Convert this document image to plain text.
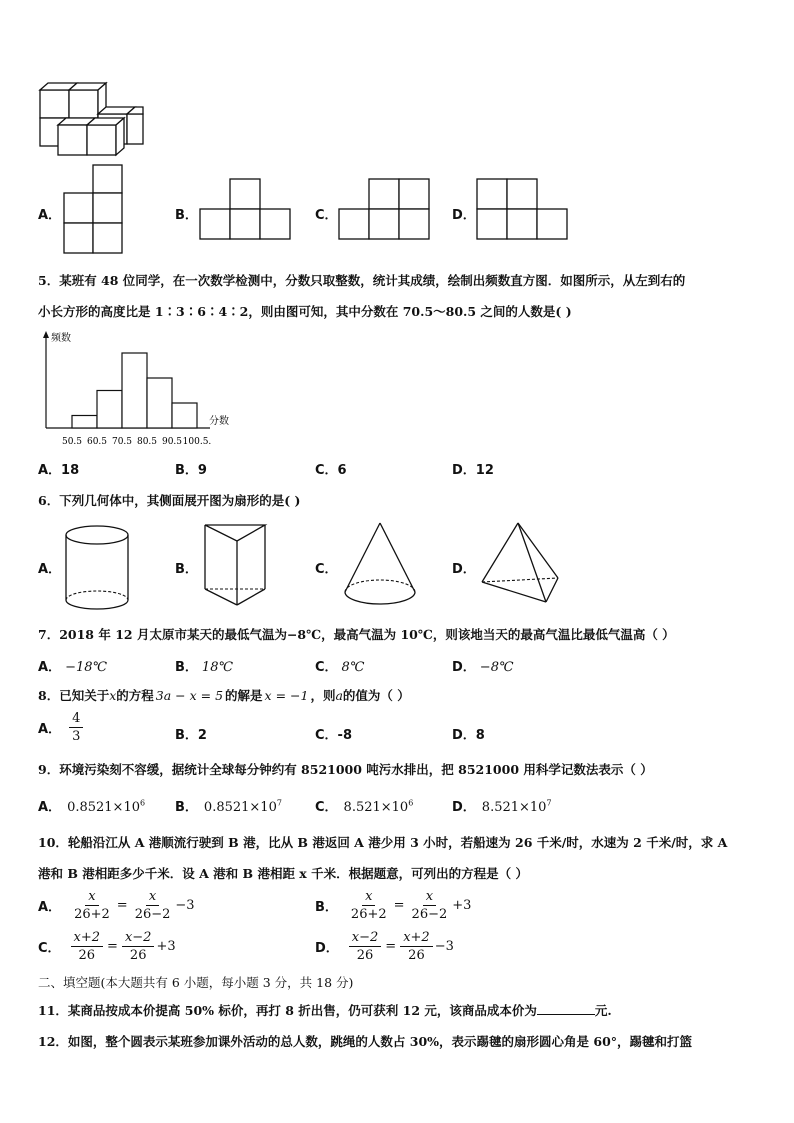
A．	B．	C．	D．
5．某班有 48 位同学，在一次数学检测中，分数只取整数，统计其成绩，绘制出频数直方图．如图所示，从左到右的
小长方形的高度比是 1∶3∶6∶4∶2，则由图可知，其中分数在 70.5～80.5 之间的人数是( )
频数
分数
50.5 60.5 70.5 80.5 90.5 100.5.
A．18	B．9	C．6	D．12
6．下列几何体中，其侧面展开图为扇形的是( )
A．	B．	C．	D．
7．2018 年 12 月太原市某天的最低气温为−8℃，最高气温为 10℃，则该地当天的最高气温比最低气温高（ ）
A． −18℃	B． 18℃	C． 8℃	D． −8℃
8．已知关于x的方程 3a − x = 5 的解是 x = −1 ，则a的值为（ ）
A． $\frac{4}{3}$	B．2	C．-8	D．8
9．环境污染刻不容缓，据统计全球每分钟约有 8521000 吨污水排出，把 8521000 用科学记数法表示（ ）
A． $0.8521\times 10^6$ B． $0.8521\times 10^7$	C． $8.521\times 10^6$	D． $8.521\times 10^7$
10．轮船沿江从 A 港顺流行驶到 B 港，比从 B 港返回 A 港少用 3 小时，若船速为 26 千米/时，水速为 2 千米/时，求 A
港和 B 港相距多少千米．设 A 港和 B 港相距 x 千米．根据题意，可列出的方程是（ ）
A． $\frac{x}{26+2} = \frac{x}{26-2} -3$	B． $\frac{x}{26+2} = \frac{x}{26-2} +3$
C． $\frac{x+2}{26} = \frac{x-2}{26} +3$	D． $\frac{x-2}{26} = \frac{x+2}{26} -3$
二、填空题(本大题共有 6 小题，每小题 3 分，共 18 分)
11．某商品按成本价提高 50% 标价，再打 8 折出售，仍可获利 12 元，该商品成本价为	元.
12．如图，整个圆表示某班参加课外活动的总人数，跳绳的人数占 30%，表示踢毽的扇形圆心角是 60°，踢毽和打篮
